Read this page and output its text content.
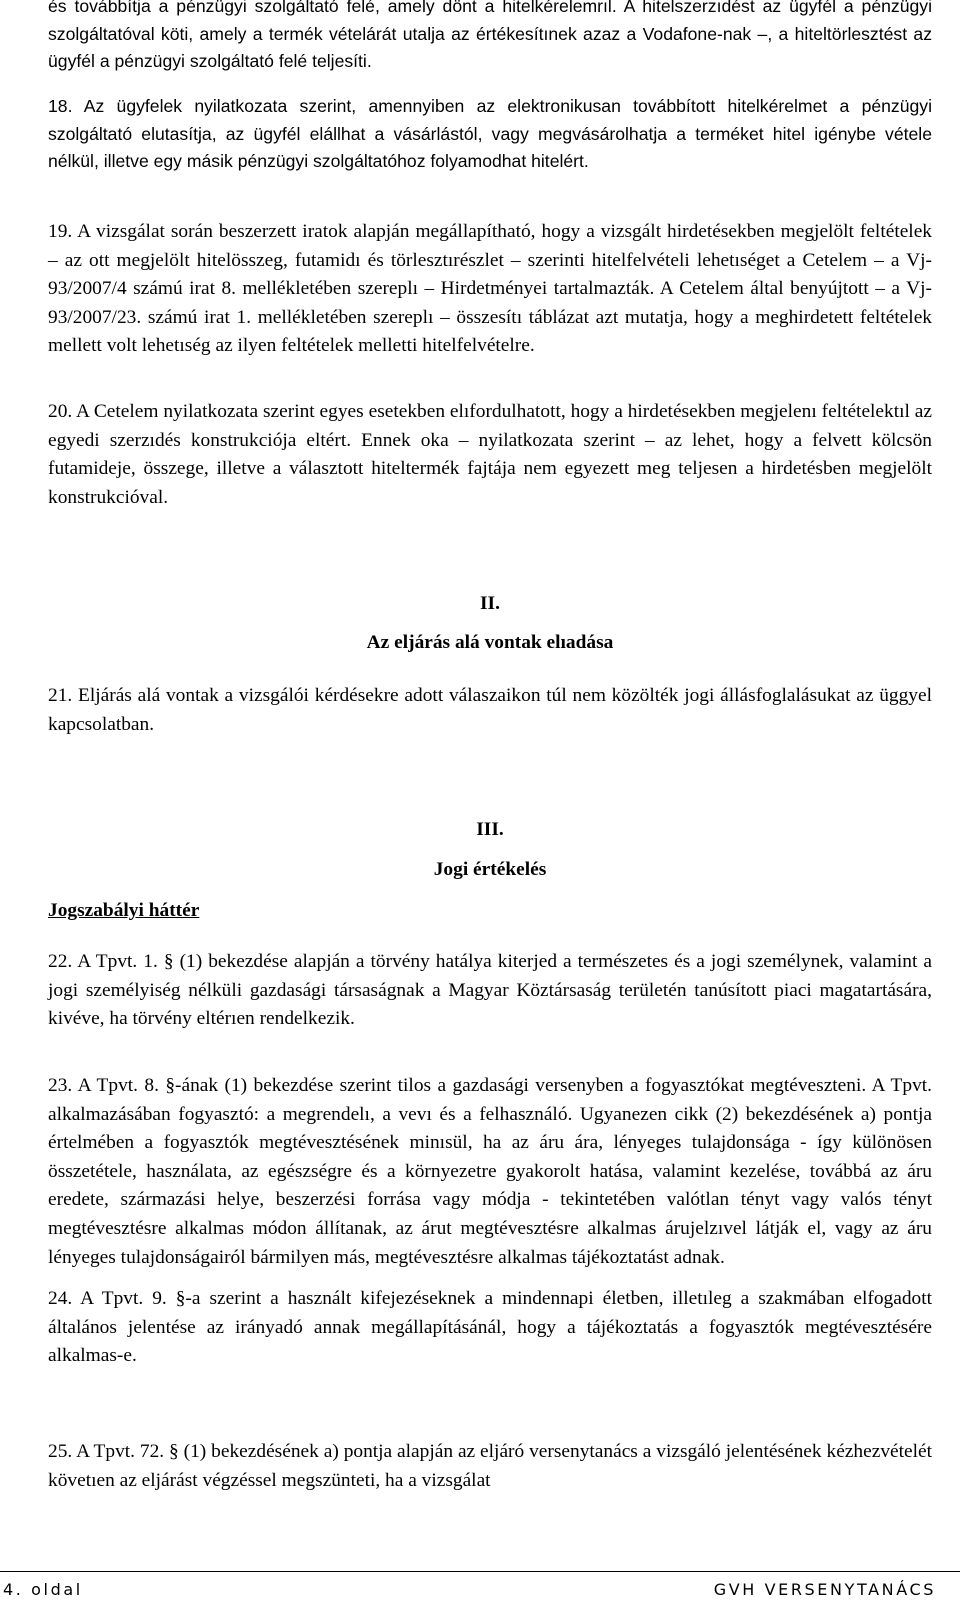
és továbbítja a pénzügyi szolgáltató felé, amely dönt a hitelkérelemrıl. A hitelszerzıdést az ügyfél a pénzügyi szolgáltatóval köti, amely a termék vételárát utalja az értékesítınek azaz a Vodafone-nak –, a hiteltörlesztést az ügyfél a pénzügyi szolgáltató felé teljesíti.

18. Az ügyfelek nyilatkozata szerint, amennyiben az elektronikusan továbbított hitelkérelmet a pénzügyi szolgáltató elutasítja, az ügyfél elállhat a vásárlástól, vagy megvásárolhatja a terméket hitel igénybe vétele nélkül, illetve egy másik pénzügyi szolgáltatóhoz folyamodhat hitelért.

19. A vizsgálat során beszerzett iratok alapján megállapítható, hogy a vizsgált hirdetésekben megjelölt feltételek – az ott megjelölt hitelösszeg, futamidı és törlesztırészlet – szerinti hitelfelvételi lehetıséget a Cetelem – a Vj-93/2007/4 számú irat 8. mellékletében szereplı – Hirdetményei tartalmazták. A Cetelem által benyújtott – a Vj-93/2007/23. számú irat 1. mellékletében szereplı – összesítı táblázat azt mutatja, hogy a meghirdetett feltételek mellett volt lehetıség az ilyen feltételek melletti hitelfelvételre.

20. A Cetelem nyilatkozata szerint egyes esetekben elıfordulhatott, hogy a hirdetésekben megjelenı feltételektıl az egyedi szerzıdés konstrukciója eltért. Ennek oka – nyilatkozata szerint – az lehet, hogy a felvett kölcsön futamideje, összege, illetve a választott hiteltermék fajtája nem egyezett meg teljesen a hirdetésben megjelölt konstrukcióval.

II.
Az eljárás alá vontak elıadása

21. Eljárás alá vontak a vizsgálói kérdésekre adott válaszaikon túl nem közölték jogi állásfoglalásukat az üggyel kapcsolatban.

III.
Jogi értékelés
Jogszabályi háttér

22. A Tpvt. 1. § (1) bekezdése alapján a törvény hatálya kiterjed a természetes és a jogi személynek, valamint a jogi személyiség nélküli gazdasági társaságnak a Magyar Köztársaság területén tanúsított piaci magatartására, kivéve, ha törvény eltérıen rendelkezik.

23. A Tpvt. 8. §-ának (1) bekezdése szerint tilos a gazdasági versenyben a fogyasztókat megtéveszteni. A Tpvt. alkalmazásában fogyasztó: a megrendelı, a vevı és a felhasználó. Ugyanezen cikk (2) bekezdésének a) pontja értelmében a fogyasztók megtévesztésének minısül, ha az áru ára, lényeges tulajdonsága - így különösen összetétele, használata, az egészségre és a környezetre gyakorolt hatása, valamint kezelése, továbbá az áru eredete, származási helye, beszerzési forrása vagy módja - tekintetében valótlan tényt vagy valós tényt megtévesztésre alkalmas módon állítanak, az árut megtévesztésre alkalmas árujelzıvel látják el, vagy az áru lényeges tulajdonságairól bármilyen más, megtévesztésre alkalmas tájékoztatást adnak.

24. A Tpvt. 9. §-a szerint a használt kifejezéseknek a mindennapi életben, illetıleg a szakmában elfogadott általános jelentése az irányadó annak megállapításánál, hogy a tájékoztatás a fogyasztók megtévesztésére alkalmas-e.

25. A Tpvt. 72. § (1) bekezdésének a) pontja alapján az eljáró versenytanács a vizsgáló jelentésének kézhezvételét követıen az eljárást végzéssel megszünteti, ha a vizsgálat

4. oldal	GVH VERSENYTANÁCS
